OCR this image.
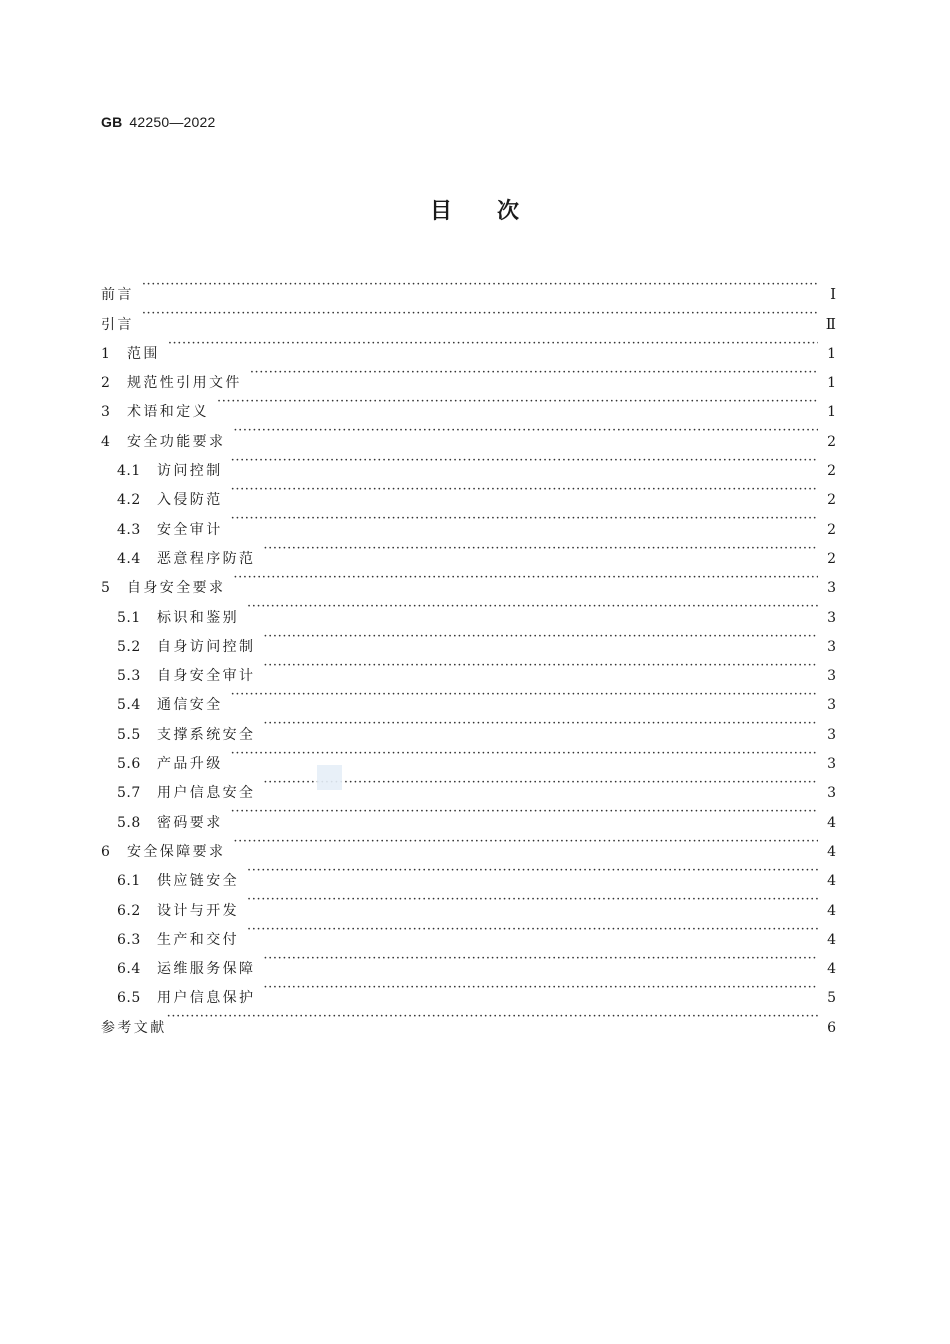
GB 42250—2022
目 次
前言 ·····	Ⅰ
引言 ·····	Ⅱ
1	范围 ·····	1
2	规范性引用文件 ·····	1
3	术语和定义 ·····	1
4	安全功能要求 ·····	2
4.1	访问控制 ·····	2
4.2	入侵防范 ·····	2
4.3	安全审计 ·····	2
4.4	恶意程序防范 ·····	2
5	自身安全要求 ·····	3
5.1	标识和鉴别 ·····	3
5.2	自身访问控制 ·····	3
5.3	自身安全审计 ·····	3
5.4	通信安全 ·····	3
5.5	支撑系统安全 ·····	3
5.6	产品升级 ·····	3
5.7	用户信息安全 ·····	3
5.8	密码要求 ·····	4
6	安全保障要求 ·····	4
6.1	供应链安全 ·····	4
6.2	设计与开发 ·····	4
6.3	生产和交付 ·····	4
6.4	运维服务保障 ·····	4
6.5	用户信息保护 ·····	5
参考文献 ·····	6
